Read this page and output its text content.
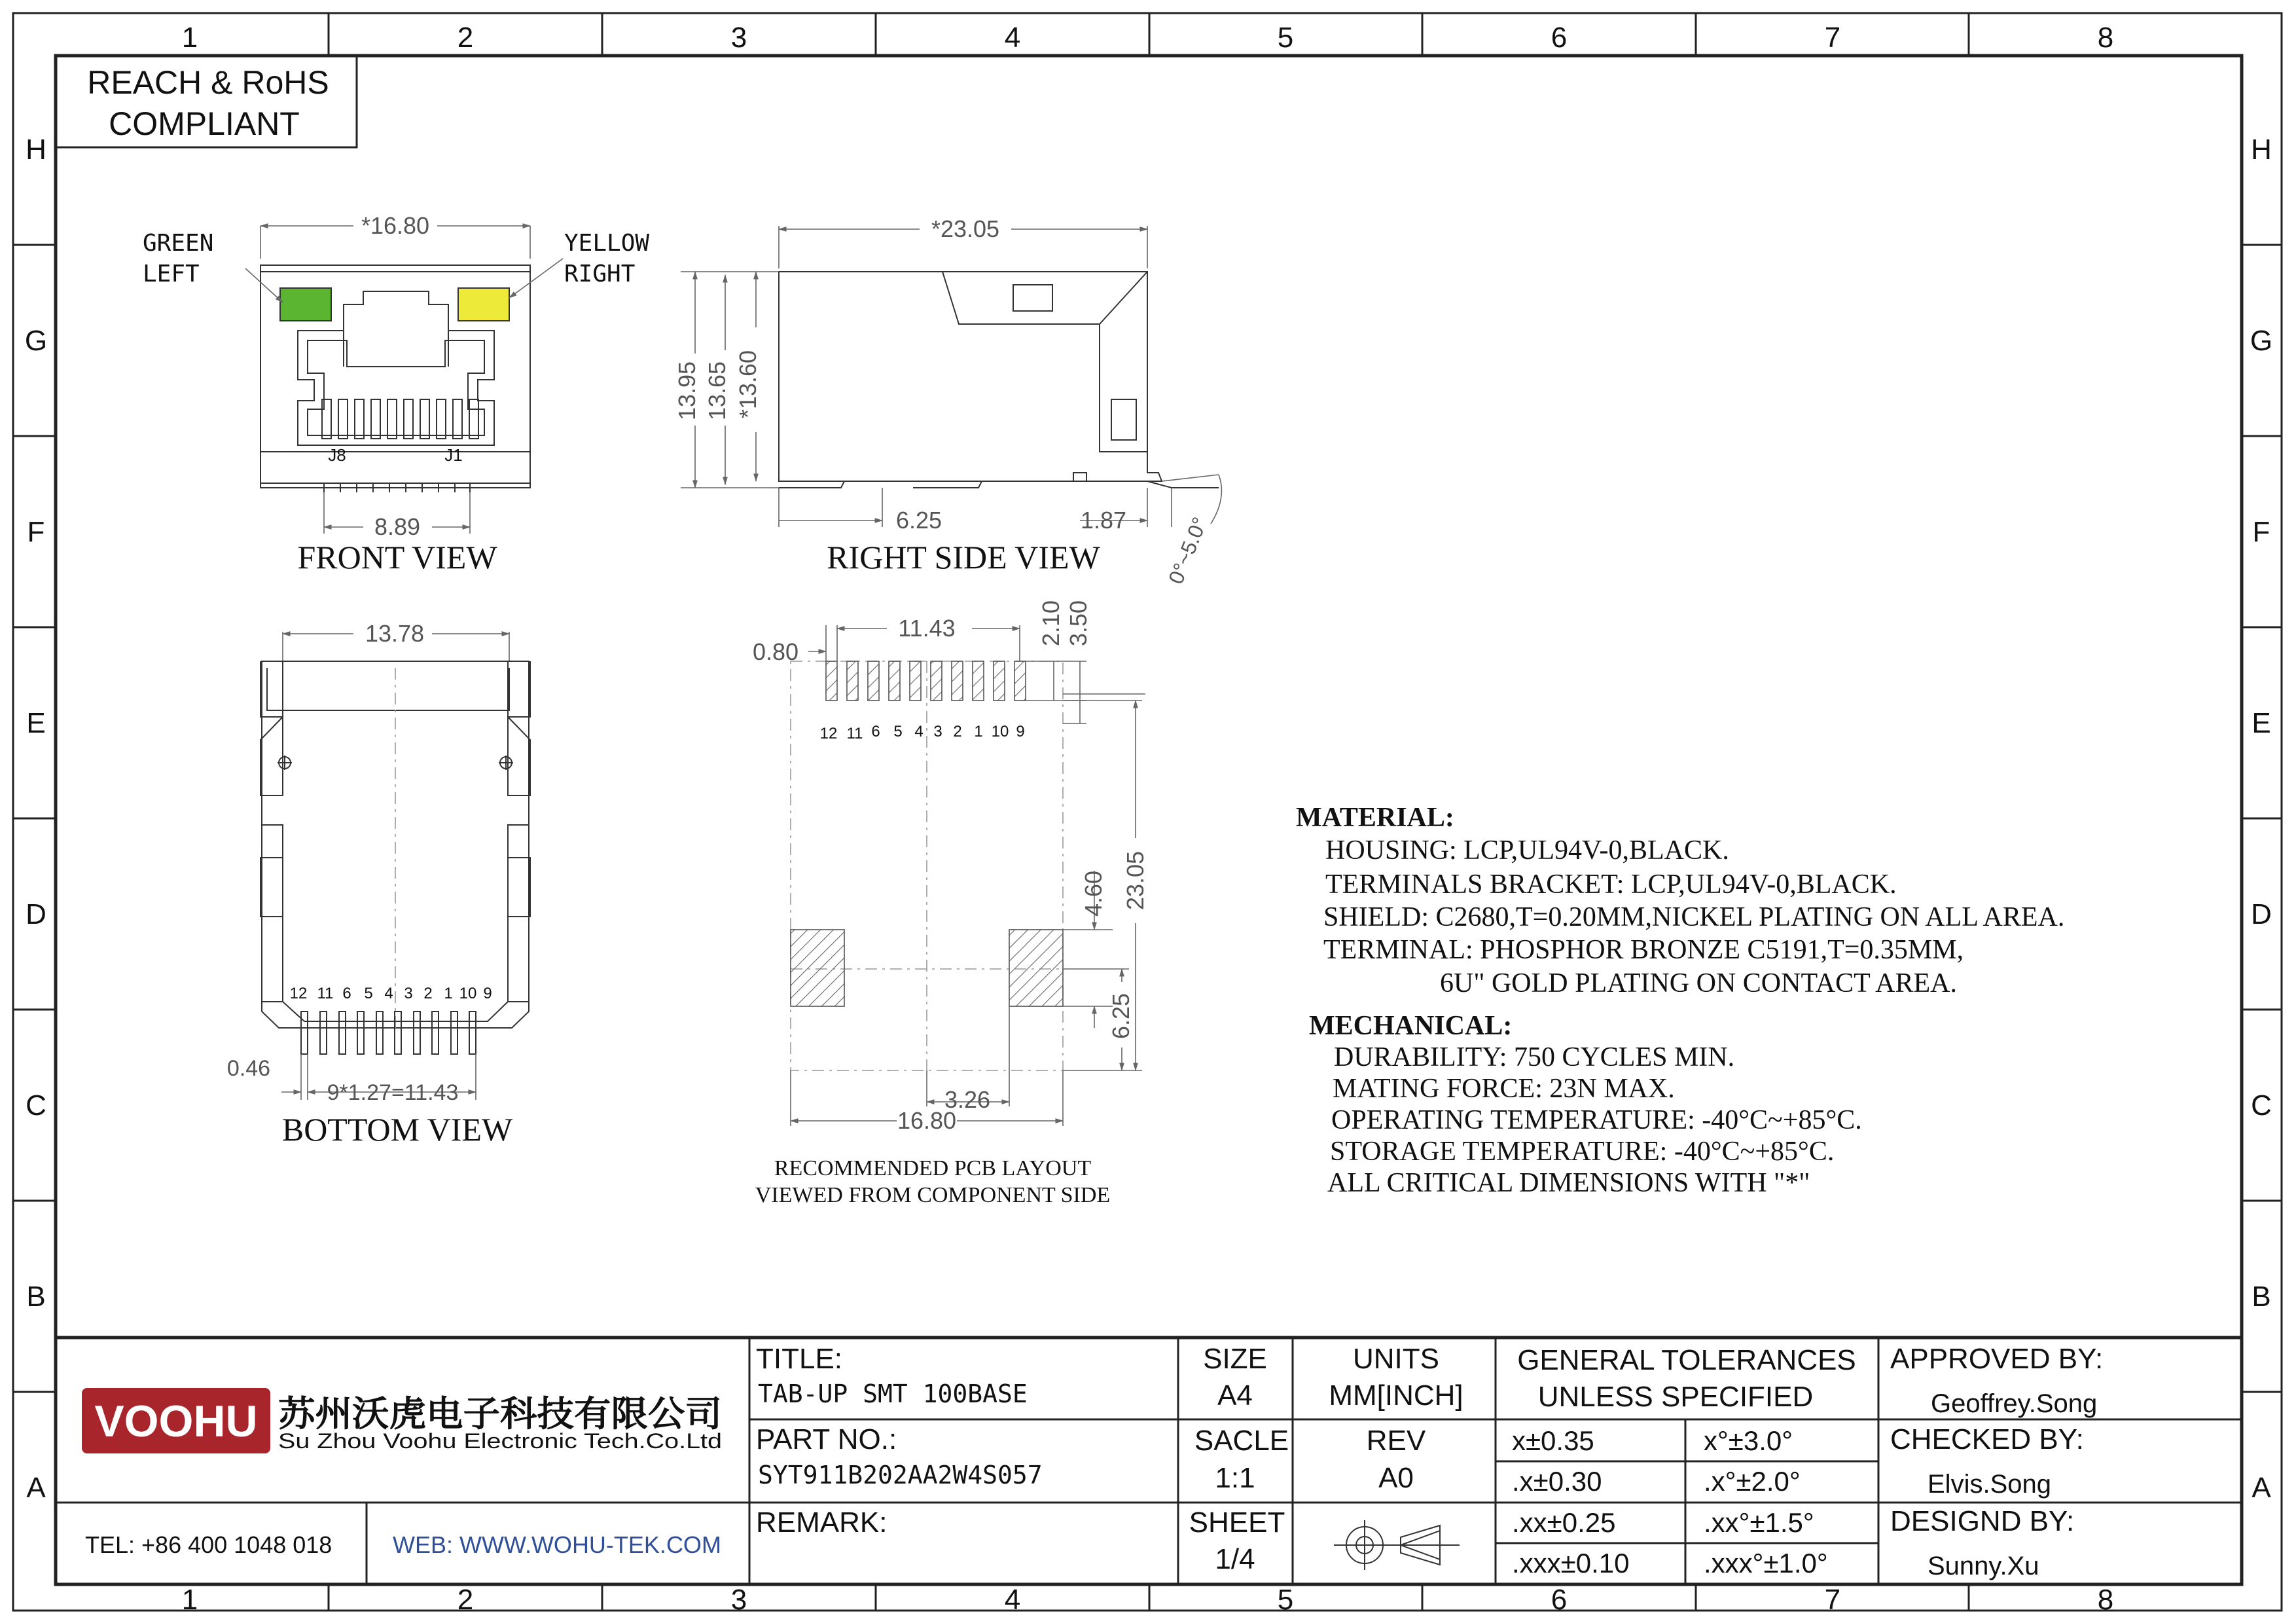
1	2	3	4	5	6	7	8
1	2	3	4	5	6	7	8
H
G
F
E
D
C
B
A
H
G
F
E
D
C
B
A
REACH & RoHS
COMPLIANT
*16.80
J8	J1
8.89
GREEN
LEFT
YELLOW
RIGHT
FRONT VIEW
*23.05
13.95 13.65 *13.60
6.25	1.87 0°~5.0°
RIGHT SIDE VIEW
13.78
12 11 6 5 4 3 2 1 10 9
0.46
9*1.27=11.43
BOTTOM VIEW
12 11 6 5 4 3 2 1 10 9
0.80
11.43	2.10 3.50
23.05
4.60
6.25
3.26
16.80
RECOMMENDED PCB LAYOUT
VIEWED FROM COMPONENT SIDE
MATERIAL:
HOUSING: LCP,UL94V-0,BLACK.
TERMINALS BRACKET: LCP,UL94V-0,BLACK.
SHIELD: C2680,T=0.20MM,NICKEL PLATING ON ALL AREA.
TERMINAL: PHOSPHOR BRONZE C5191,T=0.35MM,
6U" GOLD PLATING ON CONTACT AREA.
MECHANICAL:
DURABILITY: 750 CYCLES MIN.
MATING FORCE: 23N MAX.
OPERATING TEMPERATURE: -40°C~+85°C.
STORAGE TEMPERATURE: -40°C~+85°C.
ALL CRITICAL DIMENSIONS WITH "*"
VOOHU 苏州沃虎电子科技有限公司
Su Zhou Voohu Electronic Tech.Co.Ltd
TEL: +86 400 1048 018	WEB: WWW.WOHU-TEK.COM
TITLE:
TAB-UP SMT 100BASE
PART NO.:
SYT911B202AA2W4S057
REMARK:
SIZE
A4
SACLE
1:1
SHEET
1/4
UNITS
MM[INCH]
REV
A0
GENERAL TOLERANCES
UNLESS SPECIFIED
x±0.35	x°±3.0°
.x±0.30	.x°±2.0°
.xx±0.25	.xx°±1.5°
.xxx±0.10	.xxx°±1.0°
APPROVED BY:
Geoffrey.Song
CHECKED BY:
Elvis.Song
DESIGND BY:
Sunny.Xu
